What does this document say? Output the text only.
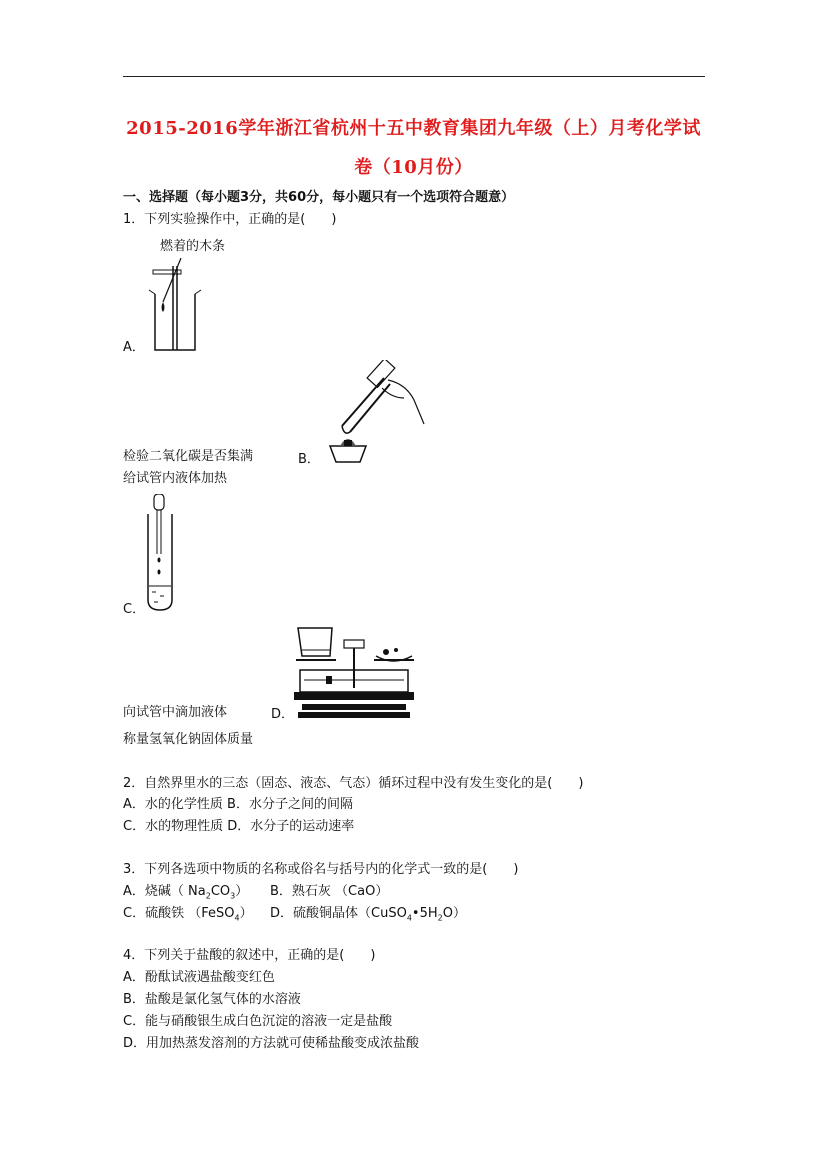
2015-2016学年浙江省杭州十五中教育集团九年级（上）月考化学试
卷（10月份）
一、选择题（每小题3分，共60分，每小题只有一个选项符合题意）
1．下列实验操作中，正确的是(　　)
燃着的木条
A．
检验二氧化碳是否集满	B．
给试管内液体加热
C．
向试管中滴加液体	D．
称量氢氧化钠固体质量
2．自然界里水的三态（固态、液态、气态）循环过程中没有发生变化的是(　　)
A．水的化学性质 B．水分子之间的间隔
C．水的物理性质 D．水分子的运动速率
3．下列各选项中物质的名称或俗名与括号内的化学式一致的是(　　)
A．烧碱（ $Na_2CO_3$） B．熟石灰 （CaO）
C．硫酸铁 （FeSO$_4$） D．硫酸铜晶体$(CuSO_4•5H_2O)$
4．下列关于盐酸的叙述中，正确的是(　　)
A．酚酞试液遇盐酸变红色
B．盐酸是氯化氢气体的水溶液
C．能与硝酸银生成白色沉淀的溶液一定是盐酸
D．用加热蒸发溶剂的方法就可使稀盐酸变成浓盐酸
